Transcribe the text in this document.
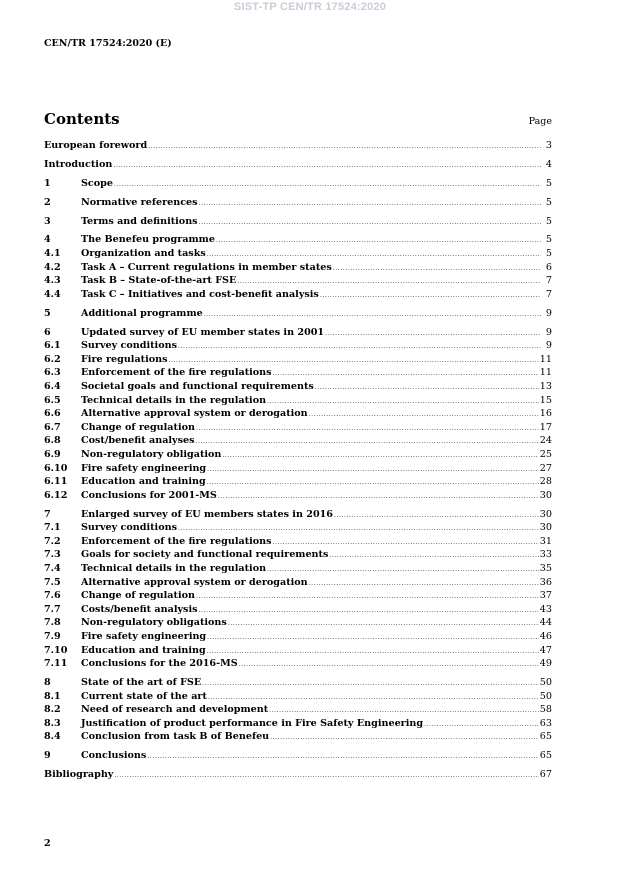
SIST-TP CEN/TR 17524:2020
CEN/TR 17524:2020 (E)
Contents	Page
European foreword .....	3
Introduction .....	4
1	Scope .....	5
2	Normative references .....	5
3	Terms and definitions .....	5
4	The Benefeu programme .....	5
4.1	Organization and tasks .....	5
4.2	Task A – Current regulations in member states .....	6
4.3	Task B – State-of-the-art FSE .....	7
4.4	Task C – Initiatives and cost-benefit analysis .....	7
5	Additional programme .....	9
6	Updated survey of EU member states in 2001 .....	9
6.1	Survey conditions .....	9
6.2	Fire regulations .....	11
6.3	Enforcement of the fire regulations .....	11
6.4	Societal goals and functional requirements .....	13
6.5	Technical details in the regulation .....	15
6.6	Alternative approval system or derogation .....	16
6.7	Change of regulation .....	17
6.8	Cost/benefit analyses .....	24
6.9	Non-regulatory obligation .....	25
6.10	Fire safety engineering .....	27
6.11	Education and training .....	28
6.12	Conclusions for 2001-MS .....	30
7	Enlarged survey of EU members states in 2016 .....	30
7.1	Survey conditions .....	30
7.2	Enforcement of the fire regulations .....	31
7.3	Goals for society and functional requirements .....	33
7.4	Technical details in the regulation .....	35
7.5	Alternative approval system or derogation .....	36
7.6	Change of regulation .....	37
7.7	Costs/benefit analysis .....	43
7.8	Non-regulatory obligations .....	44
7.9	Fire safety engineering .....	46
7.10	Education and training .....	47
7.11	Conclusions for the 2016-MS .....	49
8	State of the art of FSE .....	50
8.1	Current state of the art .....	50
8.2	Need of research and development .....	58
8.3	Justification of product performance in Fire Safety Engineering .....	63
8.4	Conclusion from task B of Benefeu .....	65
9	Conclusions .....	65
Bibliography .....	67
2
